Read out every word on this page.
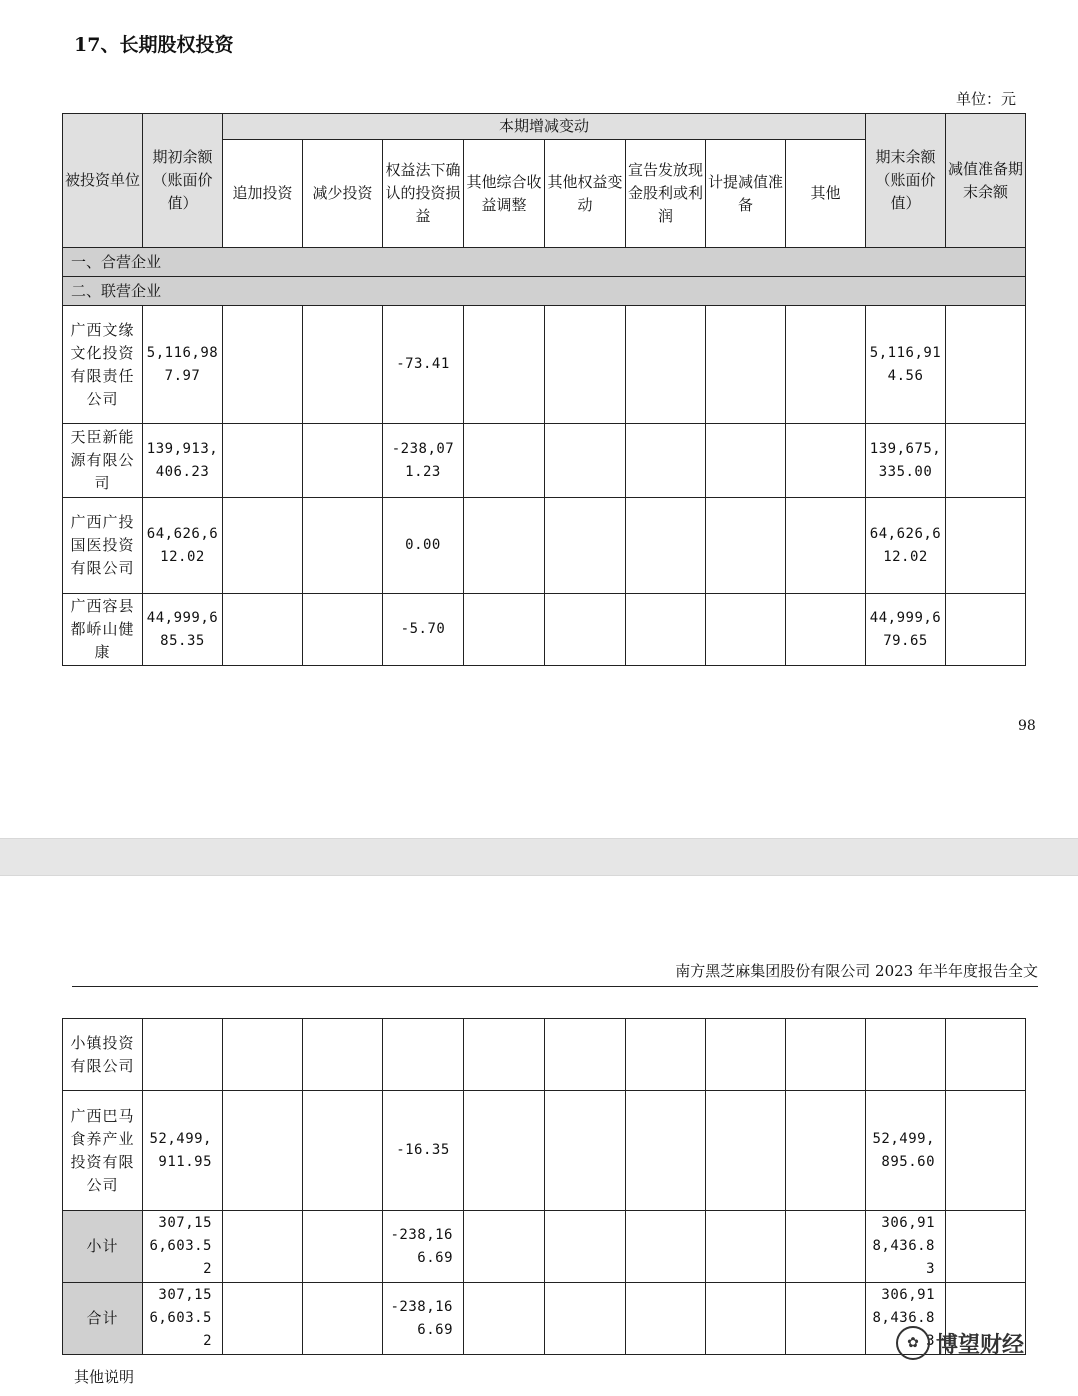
17、长期股权投资
单位：元
被投资单位	期初余额（账面价值）	本期增减变动								期末余额（账面价值）	减值准备期末余额
		追加投资	减少投资	权益法下确认的投资损益	其他综合收益调整	其他权益变动	宣告发放现金股利或利润	计提减值准备	其他		
一、合营企业											
二、联营企业											
广西文缘文化投资有限责任公司	5,116,987.97			-73.41						5,116,914.56	
天臣新能源有限公司	139,913,406.23			-238,071.23						139,675,335.00	
广西广投国医投资有限公司	64,626,612.02			0.00						64,626,612.02	
广西容县都峤山健康	44,999,685.35			-5.70						44,999,679.65	
98
南方黑芝麻集团股份有限公司 2023 年半年度报告全文
小镇投资有限公司											
广西巴马食养产业投资有限公司	52,499,911.95			-16.35						52,499,895.60	
小计	307,156,603.52			-238,166.69						306,918,436.83	
合计	307,156,603.52			-238,166.69						306,918,436.83	
其他说明
✿ 博望财经
